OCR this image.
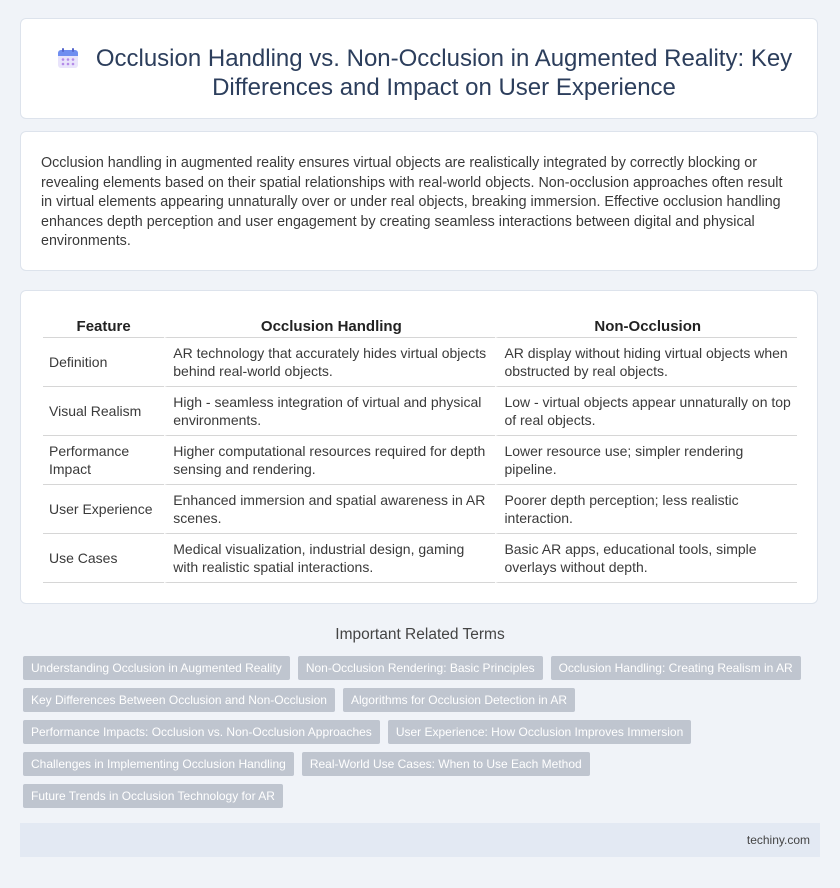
Occlusion Handling vs. Non-Occlusion in Augmented Reality: Key Differences and Impact on User Experience

Occlusion handling in augmented reality ensures virtual objects are realistically integrated by correctly blocking or revealing elements based on their spatial relationships with real-world objects. Non-occlusion approaches often result in virtual elements appearing unnaturally over or under real objects, breaking immersion. Effective occlusion handling enhances depth perception and user engagement by creating seamless interactions between digital and physical environments.

Feature	Occlusion Handling	Non-Occlusion
Definition	AR technology that accurately hides virtual objects behind real-world objects.	AR display without hiding virtual objects when obstructed by real objects.
Visual Realism	High - seamless integration of virtual and physical environments.	Low - virtual objects appear unnaturally on top of real objects.
Performance Impact	Higher computational resources required for depth sensing and rendering.	Lower resource use; simpler rendering pipeline.
User Experience	Enhanced immersion and spatial awareness in AR scenes.	Poorer depth perception; less realistic interaction.
Use Cases	Medical visualization, industrial design, gaming with realistic spatial interactions.	Basic AR apps, educational tools, simple overlays without depth.
Important Related Terms
Understanding Occlusion in Augmented Reality	Non-Occlusion Rendering: Basic Principles	Occlusion Handling: Creating Realism in AR
Key Differences Between Occlusion and Non-Occlusion	Algorithms for Occlusion Detection in AR
Performance Impacts: Occlusion vs. Non-Occlusion Approaches	User Experience: How Occlusion Improves Immersion
Challenges in Implementing Occlusion Handling	Real-World Use Cases: When to Use Each Method
Future Trends in Occlusion Technology for AR
techiny.com
